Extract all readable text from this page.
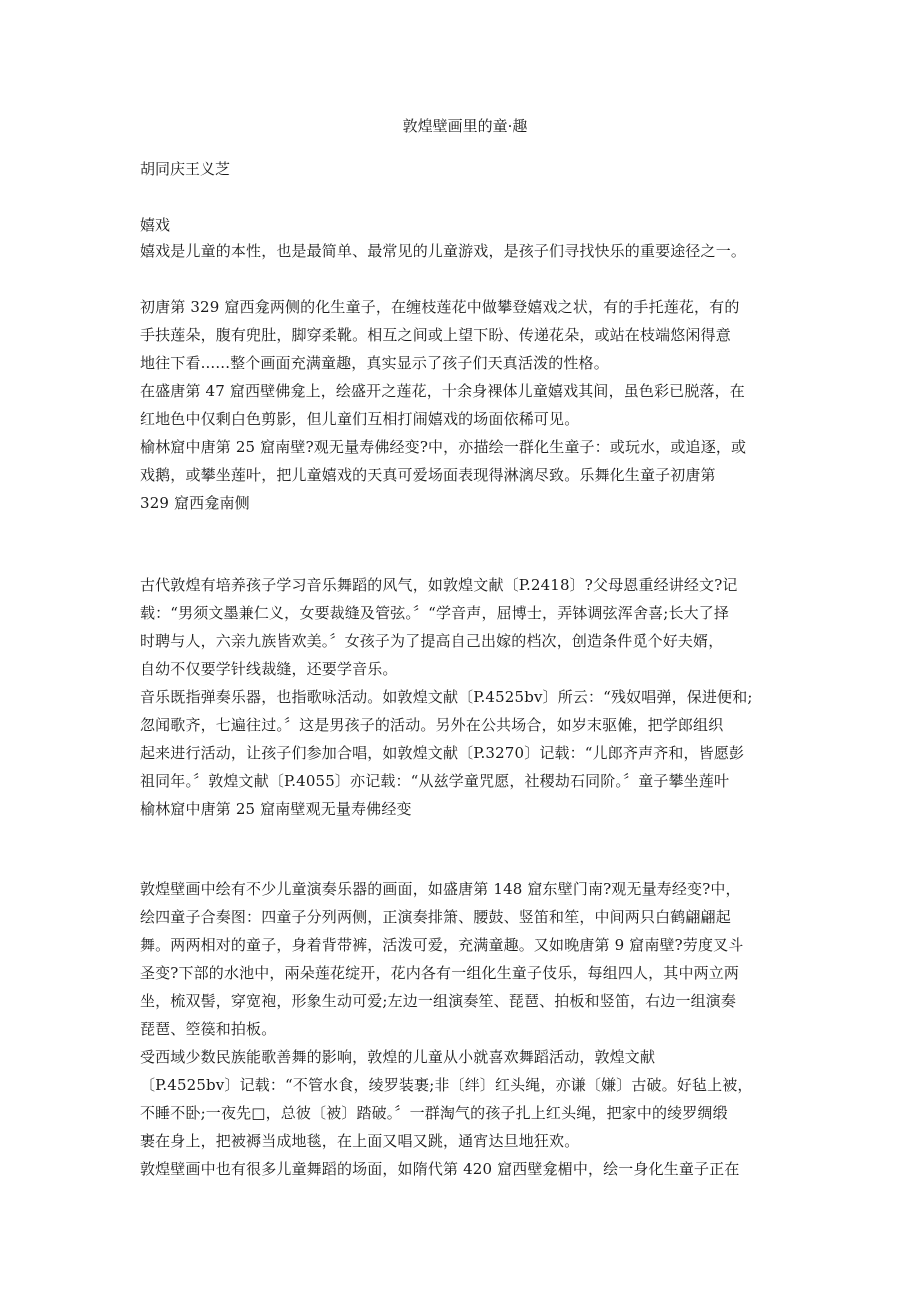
敦煌壁画里的童·趣
胡同庆王义芝
嬉戏
嬉戏是儿童的本性，也是最简单、最常见的儿童游戏，是孩子们寻找快乐的重要途径之一。
初唐第 329 窟西龛两侧的化生童子，在缠枝莲花中做攀登嬉戏之状，有的手托莲花，有的
手扶莲朵，腹有兜肚，脚穿柔靴。相互之间或上望下盼、传递花朵，或站在枝端悠闲得意
地往下看......整个画面充满童趣，真实显示了孩子们天真活泼的性格。
在盛唐第 47 窟西壁佛龛上，绘盛开之莲花，十余身裸体儿童嬉戏其间，虽色彩已脱落，在
红地色中仅剩白色剪影，但儿童们互相打闹嬉戏的场面依稀可见。
榆林窟中唐第 25 窟南壁?观无量寿佛经变?中，亦描绘一群化生童子：或玩水，或追逐，或
戏鹅，或攀坐莲叶，把儿童嬉戏的天真可爱场面表现得淋漓尽致。乐舞化生童子初唐第
329 窟西龛南侧
古代敦煌有培养孩子学习音乐舞蹈的风气，如敦煌文献〔P.2418〕?父母恩重经讲经文?记
载：“男须文墨兼仁义，女要裁缝及管弦。〞“学音声，屈博士，弄钵调弦浑舍喜;长大了择
时聘与人，六亲九族皆欢美。〞女孩子为了提高自己出嫁的档次，创造条件觅个好夫婿，
自幼不仅要学针线裁缝，还要学音乐。
音乐既指弹奏乐器，也指歌咏活动。如敦煌文献〔P.4525bv〕所云：“残奴唱弹，保进便和;
忽闻歌齐，七遍往过。〞这是男孩子的活动。另外在公共场合，如岁末驱傩，把学郎组织
起来进行活动，让孩子们参加合唱，如敦煌文献〔P.3270〕记载：“儿郎齐声齐和，皆愿彭
祖同年。〞敦煌文献〔P.4055〕亦记载：“从兹学童咒愿，社稷劫石同阶。〞童子攀坐莲叶
榆林窟中唐第 25 窟南壁观无量寿佛经变
敦煌壁画中绘有不少儿童演奏乐器的画面，如盛唐第 148 窟东壁门南?观无量寿经变?中，
绘四童子合奏图：四童子分列两侧，正演奏排箫、腰鼓、竖笛和笙，中间两只白鹤翩翩起
舞。两两相对的童子，身着背带裤，活泼可爱，充满童趣。又如晚唐第 9 窟南壁?劳度叉斗
圣变?下部的水池中，兩朵莲花绽开，花内各有一组化生童子伎乐，每组四人，其中两立两
坐，梳双髻，穿宽袍，形象生动可爱;左边一组演奏笙、琵琶、拍板和竖笛，右边一组演奏
琵琶、箜篌和拍板。
受西域少数民族能歌善舞的影响，敦煌的儿童从小就喜欢舞蹈活动，敦煌文献
〔P.4525bv〕记载：“不管水食，绫罗装裹;非〔绊〕红头绳，亦谦〔嫌〕古破。好毡上被，
不睡不卧;一夜先□，总彼〔被〕踏破。〞一群淘气的孩子扎上红头绳，把家中的绫罗绸缎
裹在身上，把被褥当成地毯，在上面又唱又跳，通宵达旦地狂欢。
敦煌壁画中也有很多儿童舞蹈的场面，如隋代第 420 窟西壁龛楣中，绘一身化生童子正在
